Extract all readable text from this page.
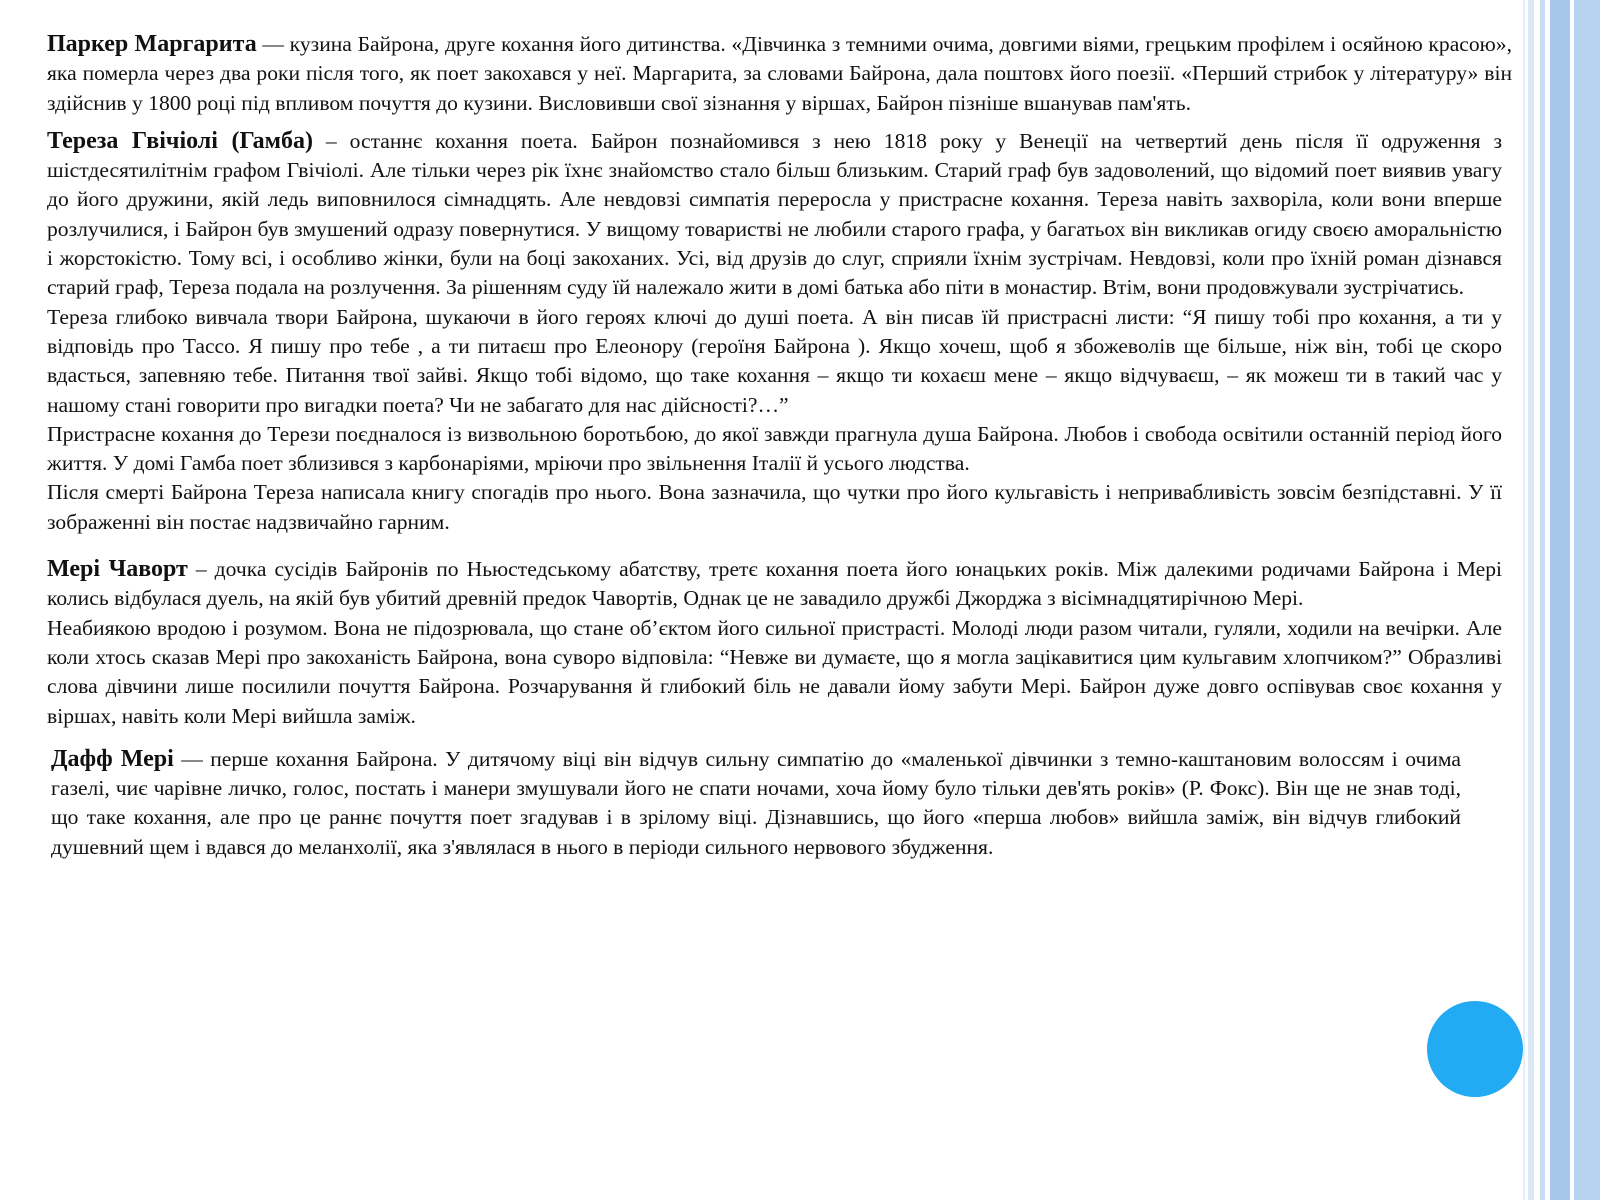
Паркер Маргарита — кузина Байрона, друге кохання його дитинства. «Дівчинка з темними очима, довгими віями, грецьким профілем і осяйною красою», яка померла через два роки після того, як поет закохався у неї. Маргарита, за словами Байрона, дала поштовх його поезії. «Перший стрибок у літературу» він здійснив у 1800 році під впливом почуття до кузини. Висловивши свої зізнання у віршах, Байрон пізніше вшанував пам'ять.

Тереза Гвічіолі (Гамба) – останнє кохання поета. Байрон познайомився з нею 1818 року у Венеції на четвертий день після її одруження з шістдесятилітнім графом Гвічіолі. Але тільки через рік їхнє знайомство стало більш близьким. Старий граф був задоволений, що відомий поет виявив увагу до його дружини, якій ледь виповнилося сімнадцять. Але невдовзі симпатія переросла у пристрасне кохання. Тереза навіть захворіла, коли вони вперше розлучилися, і Байрон був змушений одразу повернутися. У вищому товаристві не любили старого графа, у багатьох він викликав огиду своєю аморальністю і жорстокістю. Тому всі, і особливо жінки, були на боці закоханих. Усі, від друзів до слуг, сприяли їхнім зустрічам. Невдовзі, коли про їхній роман дізнався старий граф, Тереза подала на розлучення. За рішенням суду їй належало жити в домі батька або піти в монастир. Втім, вони продовжували зустрічатись.

Тереза глибоко вивчала твори Байрона, шукаючи в його героях ключі до душі поета. А він писав їй пристрасні листи: “Я пишу тобі про кохання, а ти у відповідь про Тассо. Я пишу про тебе , а ти питаєш про Елеонору (героїня Байрона ). Якщо хочеш, щоб я збожеволів ще більше, ніж він, тобі це скоро вдасться, запевняю тебе. Питання твої зайві. Якщо тобі відомо, що таке кохання – якщо ти кохаєш мене – якщо відчуваєш, – як можеш ти в такий час у нашому стані говорити про вигадки поета? Чи не забагато для нас дійсності?…”

Пристрасне кохання до Терези поєдналося із визвольною боротьбою, до якої завжди прагнула душа Байрона. Любов і свобода освітили останній період його життя. У домі Гамба поет зблизився з карбонаріями, мріючи про звільнення Італії й усього людства.

Після смерті Байрона Тереза написала книгу спогадів про нього. Вона зазначила, що чутки про його кульгавість і непривабливість зовсім безпідставні. У її зображенні він постає надзвичайно гарним.

Мері Чаворт – дочка сусідів Байронів по Ньюстедському абатству, третє кохання поета його юнацьких років. Між далекими родичами Байрона і Мері колись відбулася дуель, на якій був убитий древній предок Чавортів, Однак це не завадило дружбі Джорджа з вісімнадцятирічною Мері.

Неабиякою вродою і розумом. Вона не підозрювала, що стане об’єктом його сильної пристрасті. Молоді люди разом читали, гуляли, ходили на вечірки. Але коли хтось сказав Мері про закоханість Байрона, вона суворо відповіла: “Невже ви думаєте, що я могла зацікавитися цим кульгавим хлопчиком?” Образливі слова дівчини лише посилили почуття Байрона. Розчарування й глибокий біль не давали йому забути Мері. Байрон дуже довго оспівував своє кохання у віршах, навіть коли Мері вийшла заміж.

Дафф Мері — перше кохання Байрона. У дитячому віці він відчув сильну симпатію до «маленької дівчинки з темно-каштановим волоссям і очима газелі, чиє чарівне личко, голос, постать і манери змушували його не спати ночами, хоча йому було тільки дев'ять років» (Р. Фокс). Він ще не знав тоді, що таке кохання, але про це раннє почуття поет згадував і в зрілому віці. Дізнавшись, що його «перша любов» вийшла заміж, він відчув глибокий душевний щем і вдався до меланхолії, яка з'являлася в нього в періоди сильного нервового збудження.
